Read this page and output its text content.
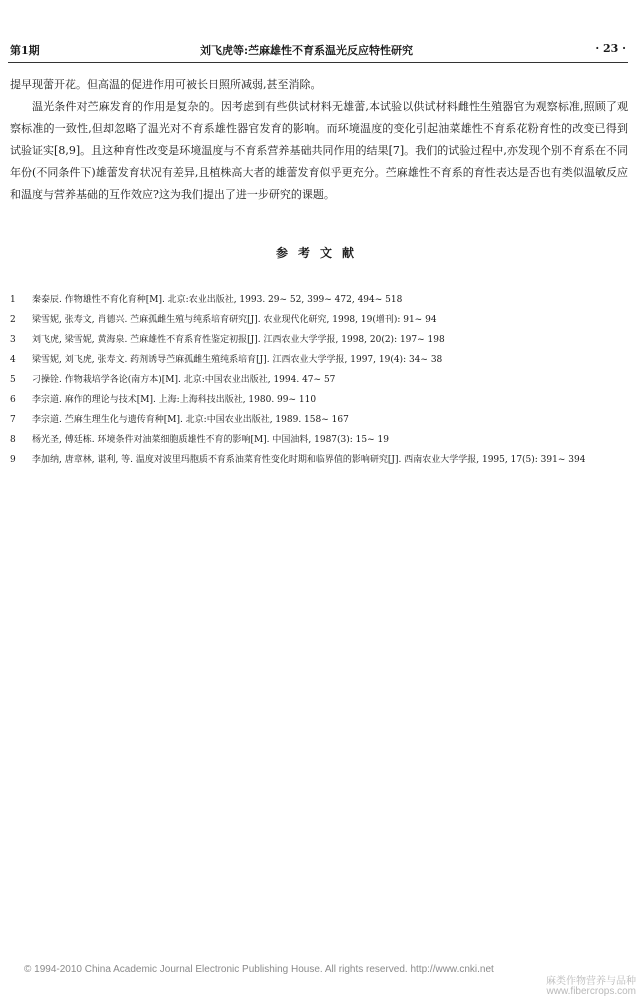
第1期	刘飞虎等:苎麻雄性不育系温光反应特性研究	· 23 ·

提早现蕾开花。但高温的促进作用可被长日照所减弱,甚至消除。

温光条件对苎麻发育的作用是复杂的。因考虑到有些供试材料无雄蕾,本试验以供试材料雌性生殖器官为观察标准,照顾了观察标准的一致性,但却忽略了温光对不育系雄性器官发育的影响。而环境温度的变化引起油菜雄性不育系花粉育性的改变已得到试验证实[8,9]。且这种育性改变是环境温度与不育系营养基础共同作用的结果[7]。我们的试验过程中,亦发现个别不育系在不同年份(不同条件下)雄蕾发育状况有差异,且植株高大者的雄蕾发育似乎更充分。苎麻雄性不育系的育性表达是否也有类似温敏反应和温度与营养基础的互作效应?这为我们提出了进一步研究的课题。

参考文献
1 秦泰辰. 作物雄性不育化育种[M]. 北京:农业出版社, 1993. 29~ 52, 399~ 472, 494~ 518
2 梁雪妮, 张寿文, 肖德兴. 苎麻孤雌生殖与纯系培育研究[J]. 农业现代化研究, 1998, 19(增刊): 91~ 94
3 刘飞虎, 梁雪妮, 黄海泉. 苎麻雄性不育系育性鉴定初报[J]. 江西农业大学学报, 1998, 20(2): 197~ 198
4 梁雪妮, 刘飞虎, 张寿文. 药剂诱导苎麻孤雌生殖纯系培育[J]. 江西农业大学学报, 1997, 19(4): 34~ 38
5 刁操铨. 作物栽培学各论(南方本)[M]. 北京:中国农业出版社, 1994. 47~ 57
6 李宗道. 麻作的理论与技术[M]. 上海:上海科技出版社, 1980. 99~ 110
7 李宗道. 苎麻生理生化与遗传育种[M]. 北京:中国农业出版社, 1989. 158~ 167
8 杨光圣, 傅廷栋. 环境条件对油菜细胞质雄性不育的影响[M]. 中国油料, 1987(3): 15~ 19
9 李加纳, 唐章林, 谌利, 等. 温度对波里玛胞质不育系油菜育性变化时期和临界值的影响研究[J]. 西南农业大学学报, 1995, 17(5): 391~ 394
© 1994-2010 China Academic Journal Electronic Publishing House. All rights reserved. http://www.cnki.net
麻类作物营养与品种
www.fibercrops.com
